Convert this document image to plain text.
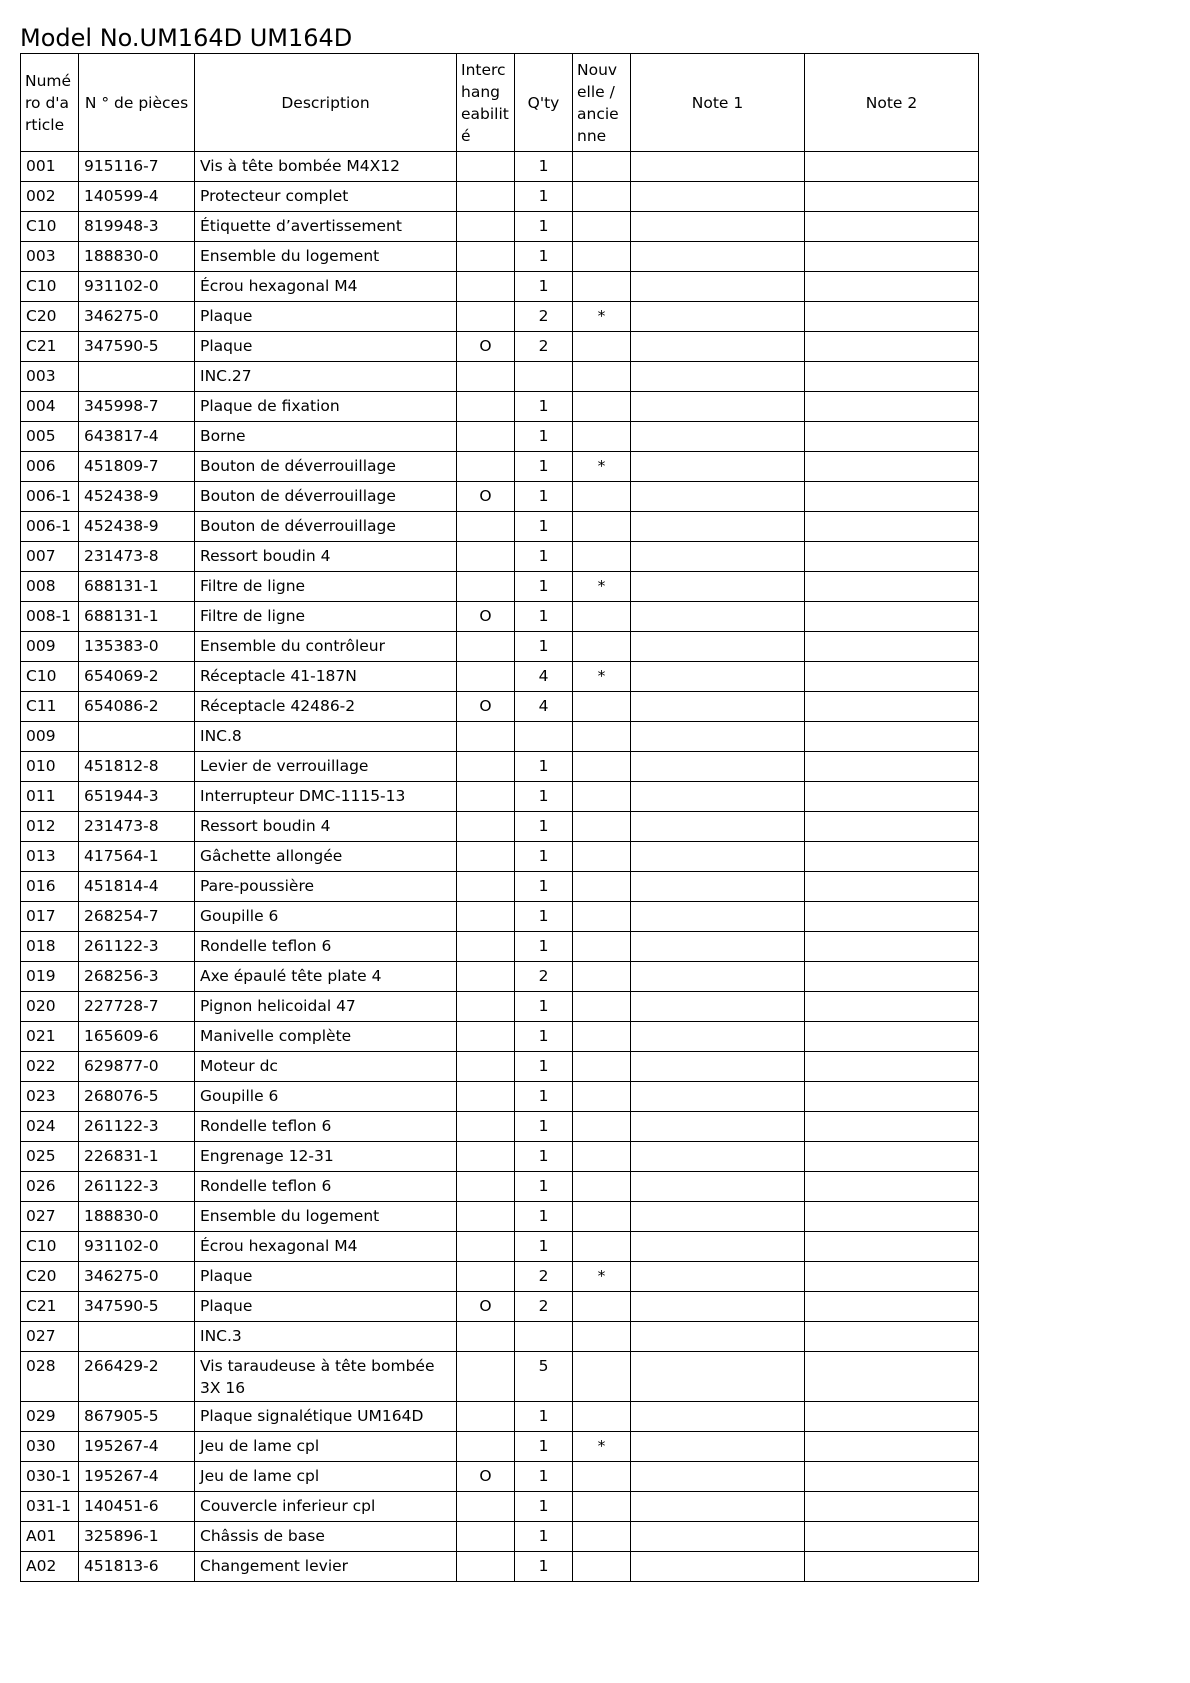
Model No.UM164D UM164D
Numé ro d'a rticle	N ° de pièces	Description	Interc hang eabilit é	Q'ty	Nouv elle / ancie nne	Note 1	Note 2
001	915116-7	Vis à tête bombée M4X12		1			
002	140599-4	Protecteur complet		1			
C10	819948-3	Étiquette d’avertissement		1			
003	188830-0	Ensemble du logement		1			
C10	931102-0	Écrou hexagonal M4		1			
C20	346275-0	Plaque		2	*		
C21	347590-5	Plaque	O	2			
003		INC.27					
004	345998-7	Plaque de fixation		1			
005	643817-4	Borne		1			
006	451809-7	Bouton de déverrouillage		1	*		
006-1	452438-9	Bouton de déverrouillage	O	1			
006-1	452438-9	Bouton de déverrouillage		1			
007	231473-8	Ressort boudin 4		1			
008	688131-1	Filtre de ligne		1	*		
008-1	688131-1	Filtre de ligne	O	1			
009	135383-0	Ensemble du contrôleur		1			
C10	654069-2	Réceptacle 41-187N		4	*		
C11	654086-2	Réceptacle 42486-2	O	4			
009		INC.8					
010	451812-8	Levier de verrouillage		1			
011	651944-3	Interrupteur DMC-1115-13		1			
012	231473-8	Ressort boudin 4		1			
013	417564-1	Gâchette allongée		1			
016	451814-4	Pare-poussière		1			
017	268254-7	Goupille 6		1			
018	261122-3	Rondelle teflon 6		1			
019	268256-3	Axe épaulé tête plate 4		2			
020	227728-7	Pignon helicoidal 47		1			
021	165609-6	Manivelle complète		1			
022	629877-0	Moteur dc		1			
023	268076-5	Goupille 6		1			
024	261122-3	Rondelle teflon 6		1			
025	226831-1	Engrenage 12-31		1			
026	261122-3	Rondelle teflon 6		1			
027	188830-0	Ensemble du logement		1			
C10	931102-0	Écrou hexagonal M4		1			
C20	346275-0	Plaque		2	*		
C21	347590-5	Plaque	O	2			
027		INC.3					
028	266429-2	Vis taraudeuse à tête bombée 3X 16		5			
029	867905-5	Plaque signalétique UM164D		1			
030	195267-4	Jeu de lame cpl		1	*		
030-1	195267-4	Jeu de lame cpl	O	1			
031-1	140451-6	Couvercle inferieur cpl		1			
A01	325896-1	Châssis de base		1			
A02	451813-6	Changement levier		1			
